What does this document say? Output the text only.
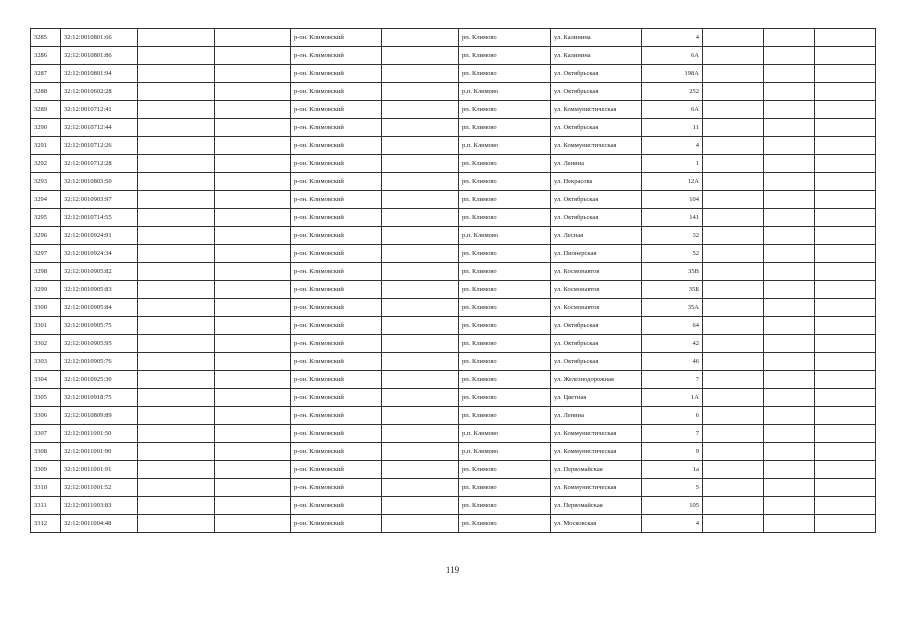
3285	32:12:0010801:66			р-он. Климовский		рп. Климово	ул. Калинина	4			
3286	32:12:0010801:86			р-он. Климовский		рп. Климово	ул. Калинина	6А			
3287	32:12:0010801:94			р-он. Климовский		рп. Климово	ул. Октябрьская	198А			
3288	32:12:0010602:28			р-он. Климовский		р.п. Климово	ул. Октябрьская	252			
3289	32:12:0010712:41			р-он. Климовский		рп. Климово	ул. Коммунистическая	6А			
3290	32:12:0010712:44			р-он. Климовский		рп. Климово	ул. Октябрьская	11			
3291	32:12:0010712:26			р-он. Климовский		р.п. Климово	ул. Коммунистическая	4			
3292	32:12:0010712:28			р-он. Климовский		рп. Климово	ул. Ленина	1			
3293	32:12:0010803:50			р-он. Климовский		рп. Климово	ул. Некрасова	12А			
3294	32:12:0010903:97			р-он. Климовский		рп. Климово	ул. Октябрьская	104			
3295	32:12:0010714:55			р-он. Климовский		рп. Климово	ул. Октябрьская	141			
3296	32:12:0010924:91			р-он. Климовский		р.п. Климово	ул. Лесная	32			
3297	32:12:0010924:34			р-он. Климовский		рп. Климово	ул. Пионерская	52			
3298	32:12:0010905:82			р-он. Климовский		рп. Климово	ул. Космонавтов	35В			
3299	32:12:0010905:83			р-он. Климовский		рп. Климово	ул. Космонавтов	35Б			
3300	32:12:0010905:84			р-он. Климовский		рп. Климово	ул. Космонавтов	35А			
3301	32:12:0010905:75			р-он. Климовский		рп. Климово	ул. Октябрьская	64			
3302	32:12:0010905:95			р-он. Климовский		рп. Климово	ул. Октябрьская	42			
3303	32:12:0010905:76			р-он. Климовский		рп. Климово	ул. Октябрьская	46			
3304	32:12:0010925:30			р-он. Климовский		рп. Климово	ул. Железнодорожная	7			
3305	32:12:0010918:75			р-он. Климовский		рп. Климово	ул. Цветная	1А			
3306	32:12:0010809:89			р-он. Климовский		рп. Климово	ул. Ленина	6			
3307	32:12:0011001:50			р-он. Климовский		р.п. Климово	ул. Коммунистическая	7			
3308	32:12:0011001:90			р-он. Климовский		р.п. Климово	ул. Коммунистическая	9			
3309	32:12:0011001:91			р-он. Климовский		рп. Климово	ул. Первомайская	1а			
3310	32:12:0011001:52			р-он. Климовский		рп. Климово	ул. Коммунистическая	5			
3311	32:12:0011003:83			р-он. Климовский		рп. Климово	ул. Первомайская	105			
3312	32:12:0011004:48			р-он. Климовский		рп. Климово	ул. Московская	4			
119
